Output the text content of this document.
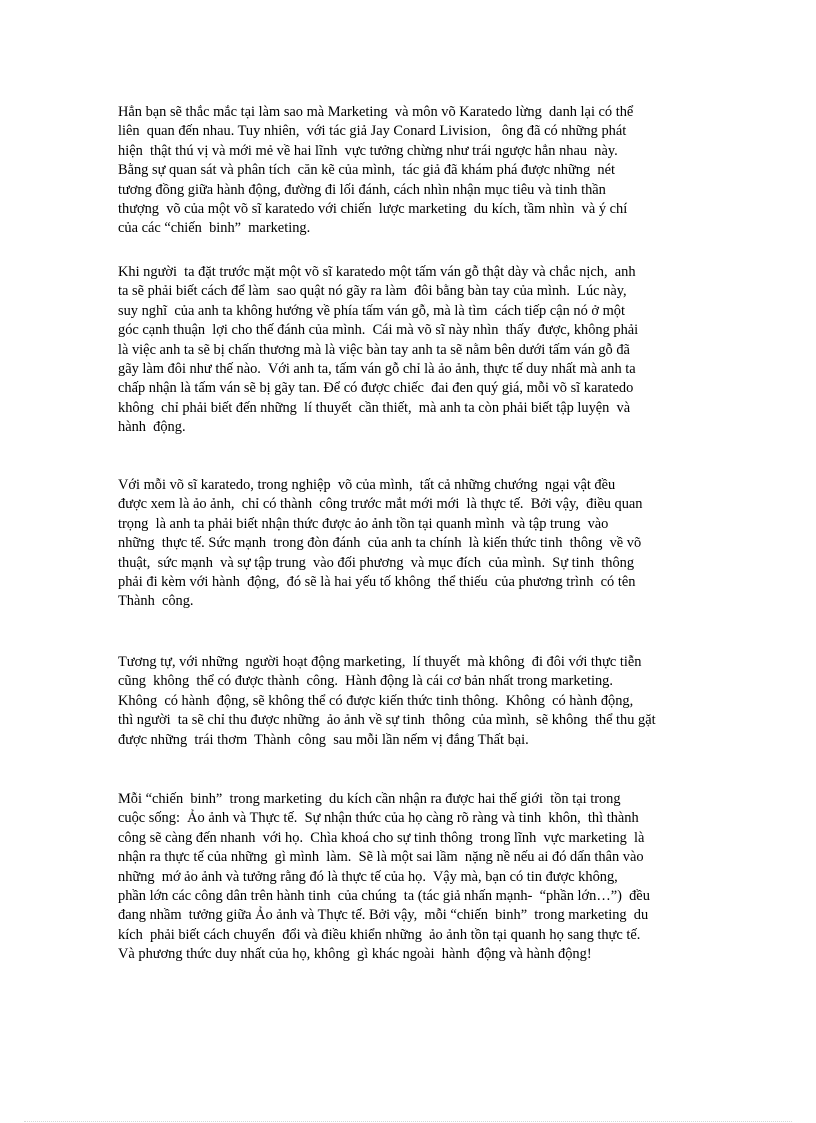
Hẳn bạn sẽ thắc mắc tại làm sao mà Marketing  và môn võ Karatedo lừng  danh lại có thể
liên  quan đến nhau. Tuy nhiên,  với tác giả Jay Conard Livision,   ông đã có những phát
hiện  thật thú vị và mới mẻ về hai lĩnh  vực tưởng chừng như trái ngược hẳn nhau  này.
Bằng sự quan sát và phân tích  căn kẽ của mình,  tác giả đã khám phá được những  nét
tương đồng giữa hành động, đường đi lối đánh, cách nhìn nhận mục tiêu và tinh thần
thượng  võ của một võ sĩ karatedo với chiến  lược marketing  du kích, tầm nhìn  và ý chí
của các “chiến  binh”  marketing.
Khi người  ta đặt trước mặt một võ sĩ karatedo một tấm ván gỗ thật dày và chắc nịch,  anh
ta sẽ phải biết cách để làm  sao quật nó gãy ra làm  đôi bằng bàn tay của mình.  Lúc này,
suy nghĩ  của anh ta không hướng về phía tấm ván gỗ, mà là tìm  cách tiếp cận nó ở một
góc cạnh thuận  lợi cho thế đánh của mình.  Cái mà võ sĩ này nhìn  thấy  được, không phải
là việc anh ta sẽ bị chấn thương mà là việc bàn tay anh ta sẽ nằm bên dưới tấm ván gỗ đã
gãy làm đôi như thế nào.  Với anh ta, tấm ván gỗ chỉ là ảo ảnh, thực tế duy nhất mà anh ta
chấp nhận là tấm ván sẽ bị gãy tan. Để có được chiếc  đai đen quý giá, mỗi võ sĩ karatedo
không  chỉ phải biết đến những  lí thuyết  cần thiết,  mà anh ta còn phải biết tập luyện  và
hành  động.
Với mỗi võ sĩ karatedo, trong nghiệp  võ của mình,  tất cả những chướng  ngại vật đều
được xem là ảo ảnh,  chỉ có thành  công trước mắt mới mới  là thực tế.  Bởi vậy,  điều quan
trọng  là anh ta phải biết nhận thức được ảo ảnh tồn tại quanh mình  và tập trung  vào
những  thực tế. Sức mạnh  trong đòn đánh  của anh ta chính  là kiến thức tinh  thông  về võ
thuật,  sức mạnh  và sự tập trung  vào đối phương  và mục đích  của mình.  Sự tinh  thông
phải đi kèm với hành  động,  đó sẽ là hai yếu tố không  thể thiếu  của phương trình  có tên
Thành  công.
Tương tự, với những  người hoạt động marketing,  lí thuyết  mà không  đi đôi với thực tiễn
cũng  không  thể có được thành  công.  Hành động là cái cơ bản nhất trong marketing.
Không  có hành  động, sẽ không thể có được kiến thức tinh thông.  Không  có hành động,
thì người  ta sẽ chỉ thu được những  ảo ảnh về sự tinh  thông  của mình,  sẽ không  thể thu gặt
được những  trái thơm  Thành  công  sau mỗi lần nếm vị đắng Thất bại.
Mỗi “chiến  binh”  trong marketing  du kích cần nhận ra được hai thế giới  tồn tại trong
cuộc sống:  Ảo ảnh và Thực tế.  Sự nhận thức của họ càng rõ ràng và tinh  khôn,  thì thành
công sẽ càng đến nhanh  với họ.  Chìa khoá cho sự tinh thông  trong lĩnh  vực marketing  là
nhận ra thực tế của những  gì mình  làm.  Sẽ là một sai lầm  nặng nề nếu ai đó dấn thân vào
những  mớ ảo ảnh và tưởng rằng đó là thực tế của họ.  Vậy mà, bạn có tin được không,
phần lớn các công dân trên hành tinh  của chúng  ta (tác giả nhấn mạnh-  “phần lớn…”)  đều
đang nhầm  tưởng giữa Ảo ảnh và Thực tế. Bởi vậy,  mỗi “chiến  binh”  trong marketing  du
kích  phải biết cách chuyển  đổi và điều khiển những  ảo ảnh tồn tại quanh họ sang thực tế.
Và phương thức duy nhất của họ, không  gì khác ngoài  hành  động và hành động!
